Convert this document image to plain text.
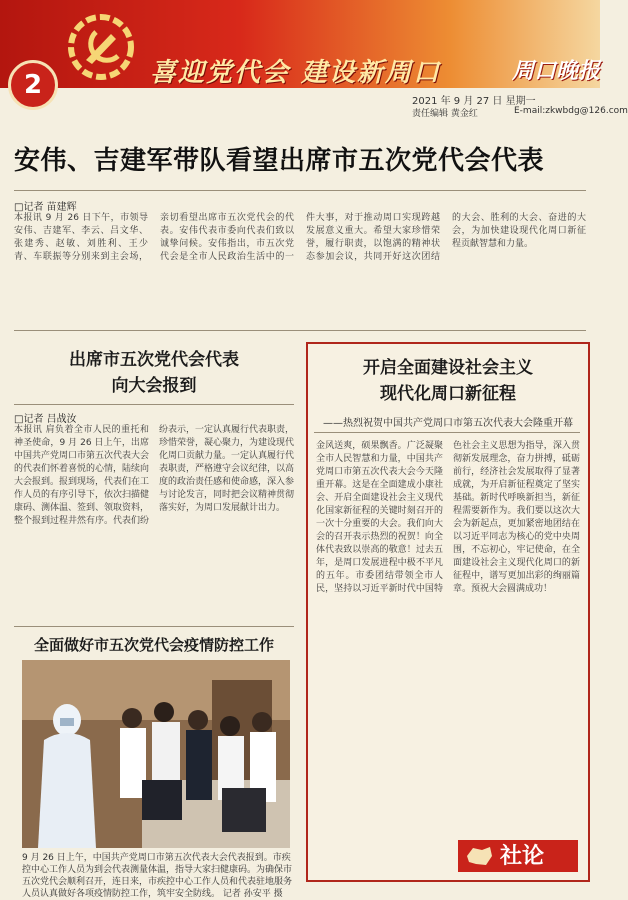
2	喜迎党代会 建设新周口	周口晚报
2021 年 9 月 27 日 星期一
责任编辑 黄金红	E-mail:zkwbdg@126.com
安伟、吉建军带队看望出席市五次党代会代表
□记者 苗建辉
本报讯 9 月 26 日下午，市领导安伟、吉建军、李云、吕文华、张建秀、赵敏、刘胜利、王少青、车联振等分别来到主会场，亲切看望出席市五次党代会的代表。安伟代表市委向代表们致以诚挚问候。安伟指出，市五次党代会是全市人民政治生活中的一件大事，对于推动周口实现跨越发展意义重大。希望大家珍惜荣誉，履行职责，以饱满的精神状态参加会议，共同开好这次团结的大会、胜利的大会、奋进的大会，为加快建设现代化周口新征程贡献智慧和力量。
出席市五次党代会代表
向大会报到
□记者 吕战汝
本报讯 肩负着全市人民的重托和神圣使命，9 月 26 日上午，出席中国共产党周口市第五次代表大会的代表们怀着喜悦的心情，陆续向大会报到。报到现场，代表们在工作人员的有序引导下，依次扫描健康码、测体温、签到、领取资料，整个报到过程井然有序。代表们纷纷表示，一定认真履行代表职责，珍惜荣誉，凝心聚力，为建设现代化周口贡献力量。一定认真履行代表职责，严格遵守会议纪律，以高度的政治责任感和使命感，深入参与讨论发言，同时把会议精神贯彻落实好，为周口发展献计出力。
全面做好市五次党代会疫情防控工作
9 月 26 日上午，中国共产党周口市第五次代表大会代表报到。市疾控中心工作人员为到会代表测量体温，指导大家扫健康码。为确保市五次党代会顺利召开，连日来，市疾控中心工作人员和代表驻地服务人员认真做好各项疫情防控工作，筑牢安全防线。 记者 孙安平 摄
开启全面建设社会主义
现代化周口新征程
——热烈祝贺中国共产党周口市第五次代表大会隆重开幕
金风送爽，硕果飘香。广泛凝聚全市人民智慧和力量，中国共产党周口市第五次代表大会今天隆重开幕。这是在全面建成小康社会、开启全面建设社会主义现代化国家新征程的关键时刻召开的一次十分重要的大会。我们向大会的召开表示热烈的祝贺！向全体代表致以崇高的敬意！过去五年，是周口发展进程中极不平凡的五年。市委团结带领全市人民，坚持以习近平新时代中国特色社会主义思想为指导，深入贯彻新发展理念，奋力拼搏，砥砺前行，经济社会发展取得了显著成就，为开启新征程奠定了坚实基础。新时代呼唤新担当，新征程需要新作为。我们要以这次大会为新起点，更加紧密地团结在以习近平同志为核心的党中央周围，不忘初心，牢记使命，在全面建设社会主义现代化周口的新征程中，谱写更加出彩的绚丽篇章。预祝大会圆满成功！
社论
